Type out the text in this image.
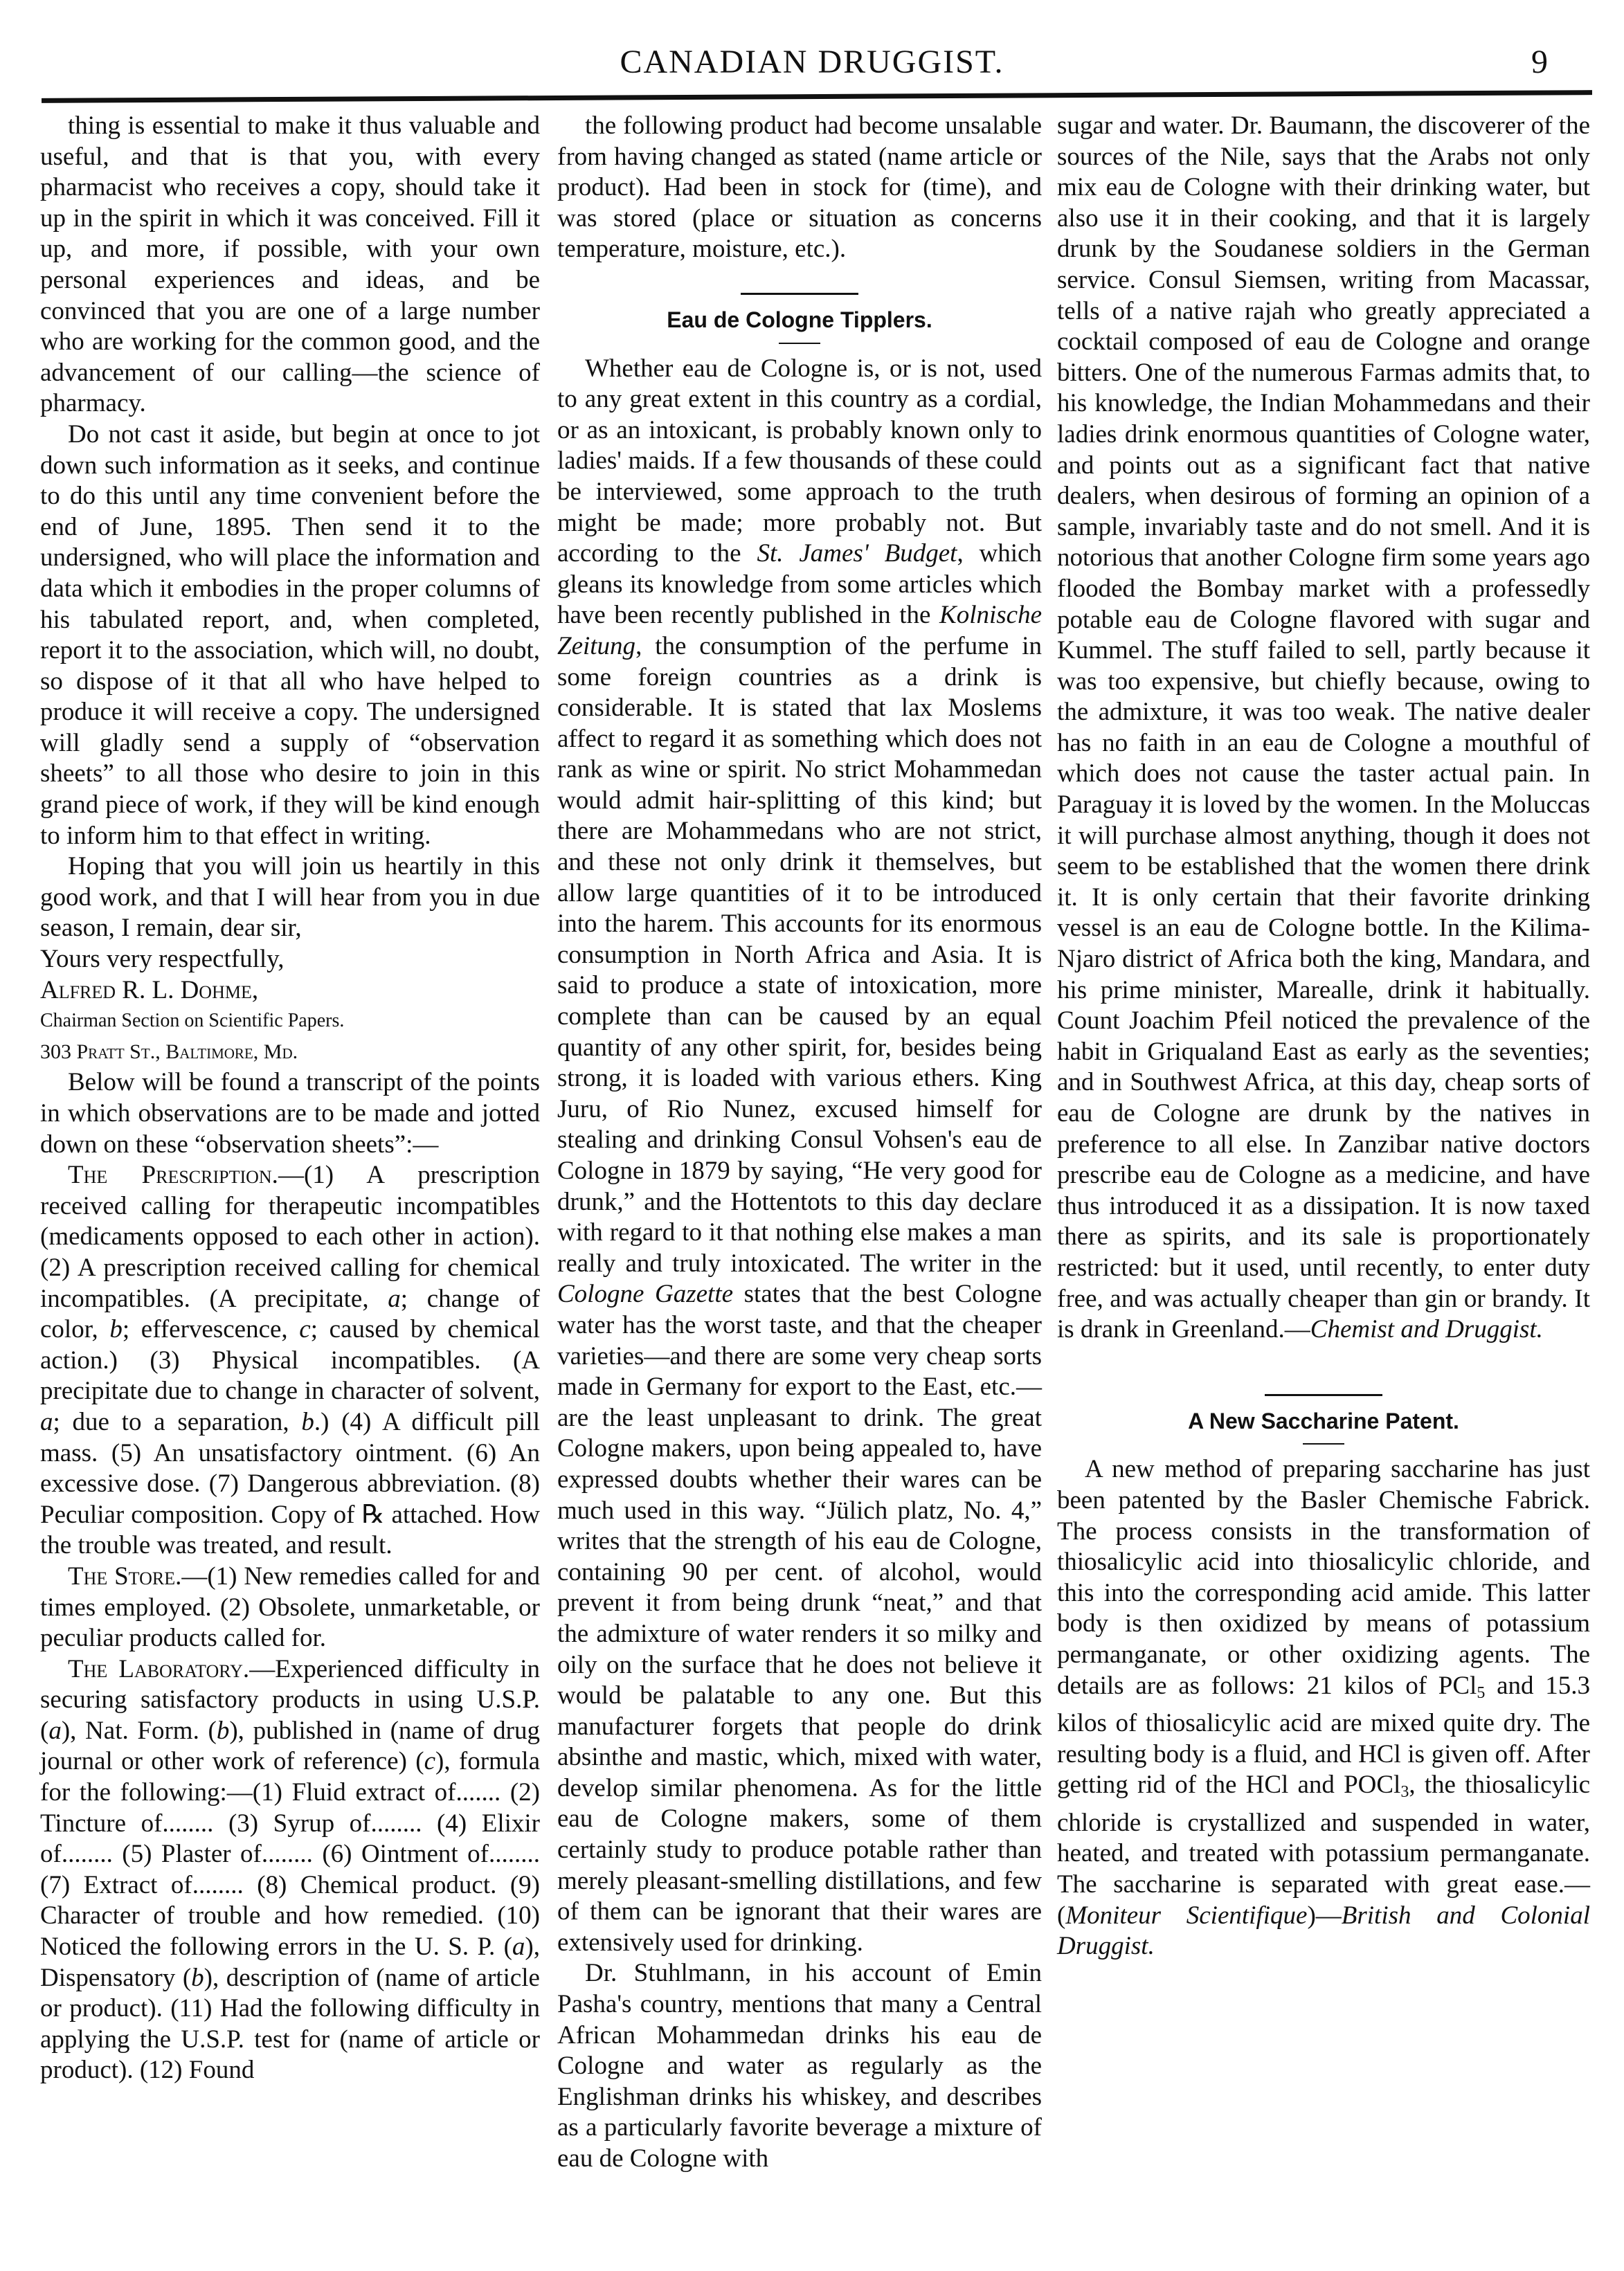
CANADIAN DRUGGIST.	9

thing is essential to make it thus valuable and useful, and that is that you, with every pharmacist who receives a copy, should take it up in the spirit in which it was conceived. Fill it up, and more, if possible, with your own personal experiences and ideas, and be convinced that you are one of a large number who are working for the common good, and the advancement of our calling—the science of pharmacy.

Do not cast it aside, but begin at once to jot down such information as it seeks, and continue to do this until any time convenient before the end of June, 1895. Then send it to the undersigned, who will place the information and data which it embodies in the proper columns of his tabulated report, and, when completed, report it to the association, which will, no doubt, so dispose of it that all who have helped to produce it will receive a copy. The undersigned will gladly send a supply of “observation sheets” to all those who desire to join in this grand piece of work, if they will be kind enough to inform him to that effect in writing.

Hoping that you will join us heartily in this good work, and that I will hear from you in due season, I remain, dear sir,

Yours very respectfully,

Alfred R. L. Dohme,

Chairman Section on Scientific Papers.

303 Pratt St., Baltimore, Md.

Below will be found a transcript of the points in which observations are to be made and jotted down on these “observation sheets”:—

The Prescription.—(1) A prescription received calling for therapeutic incompatibles (medicaments opposed to each other in action). (2) A prescription received calling for chemical incompatibles. (A precipitate, a; change of color, b; effervescence, c; caused by chemical action.) (3) Physical incompatibles. (A precipitate due to change in character of solvent, a; due to a separation, b.) (4) A difficult pill mass. (5) An unsatisfactory ointment. (6) An excessive dose. (7) Dangerous abbreviation. (8) Peculiar composition. Copy of ℞ attached. How the trouble was treated, and result.

The Store.—(1) New remedies called for and times employed. (2) Obsolete, unmarketable, or peculiar products called for.

The Laboratory.—Experienced difficulty in securing satisfactory products in using U.S.P. (a), Nat. Form. (b), published in (name of drug journal or other work of reference) (c), formula for the following:—(1) Fluid extract of....... (2) Tincture of........ (3) Syrup of........ (4) Elixir of........ (5) Plaster of........ (6) Ointment of........ (7) Extract of........ (8) Chemical product. (9) Character of trouble and how remedied. (10) Noticed the following errors in the U. S. P. (a), Dispensatory (b), description of (name of article or product). (11) Had the following difficulty in applying the U.S.P. test for (name of article or product). (12) Found

the following product had become unsalable from having changed as stated (name article or product). Had been in stock for (time), and was stored (place or situation as concerns temperature, moisture, etc.).

Eau de Cologne Tipplers.

Whether eau de Cologne is, or is not, used to any great extent in this country as a cordial, or as an intoxicant, is probably known only to ladies' maids. If a few thousands of these could be interviewed, some approach to the truth might be made; more probably not. But according to the St. James' Budget, which gleans its knowledge from some articles which have been recently published in the Kolnische Zeitung, the consumption of the perfume in some foreign countries as a drink is considerable. It is stated that lax Moslems affect to regard it as something which does not rank as wine or spirit. No strict Mohammedan would admit hair-splitting of this kind; but there are Mohammedans who are not strict, and these not only drink it themselves, but allow large quantities of it to be introduced into the harem. This accounts for its enormous consumption in North Africa and Asia. It is said to produce a state of intoxication, more complete than can be caused by an equal quantity of any other spirit, for, besides being strong, it is loaded with various ethers. King Juru, of Rio Nunez, excused himself for stealing and drinking Consul Vohsen's eau de Cologne in 1879 by saying, “He very good for drunk,” and the Hottentots to this day declare with regard to it that nothing else makes a man really and truly intoxicated. The writer in the Cologne Gazette states that the best Cologne water has the worst taste, and that the cheaper varieties—and there are some very cheap sorts made in Germany for export to the East, etc.—are the least unpleasant to drink. The great Cologne makers, upon being appealed to, have expressed doubts whether their wares can be much used in this way. “Jülich platz, No. 4,” writes that the strength of his eau de Cologne, containing 90 per cent. of alcohol, would prevent it from being drunk “neat,” and that the admixture of water renders it so milky and oily on the surface that he does not believe it would be palatable to any one. But this manufacturer forgets that people do drink absinthe and mastic, which, mixed with water, develop similar phenomena. As for the little eau de Cologne makers, some of them certainly study to produce potable rather than merely pleasant-smelling distillations, and few of them can be ignorant that their wares are extensively used for drinking.

Dr. Stuhlmann, in his account of Emin Pasha's country, mentions that many a Central African Mohammedan drinks his eau de Cologne and water as regularly as the Englishman drinks his whiskey, and describes as a particularly favorite beverage a mixture of eau de Cologne with

sugar and water. Dr. Baumann, the discoverer of the sources of the Nile, says that the Arabs not only mix eau de Cologne with their drinking water, but also use it in their cooking, and that it is largely drunk by the Soudanese soldiers in the German service. Consul Siemsen, writing from Macassar, tells of a native rajah who greatly appreciated a cocktail composed of eau de Cologne and orange bitters. One of the numerous Farmas admits that, to his knowledge, the Indian Mohammedans and their ladies drink enormous quantities of Cologne water, and points out as a significant fact that native dealers, when desirous of forming an opinion of a sample, invariably taste and do not smell. And it is notorious that another Cologne firm some years ago flooded the Bombay market with a professedly potable eau de Cologne flavored with sugar and Kummel. The stuff failed to sell, partly because it was too expensive, but chiefly because, owing to the admixture, it was too weak. The native dealer has no faith in an eau de Cologne a mouthful of which does not cause the taster actual pain. In Paraguay it is loved by the women. In the Moluccas it will purchase almost anything, though it does not seem to be established that the women there drink it. It is only certain that their favorite drinking vessel is an eau de Cologne bottle. In the Kilima-Njaro district of Africa both the king, Mandara, and his prime minister, Marealle, drink it habitually. Count Joachim Pfeil noticed the prevalence of the habit in Griqualand East as early as the seventies; and in Southwest Africa, at this day, cheap sorts of eau de Cologne are drunk by the natives in preference to all else. In Zanzibar native doctors prescribe eau de Cologne as a medicine, and have thus introduced it as a dissipation. It is now taxed there as spirits, and its sale is proportionately restricted: but it used, until recently, to enter duty free, and was actually cheaper than gin or brandy. It is drank in Greenland.—Chemist and Druggist.

A New Saccharine Patent.

A new method of preparing saccharine has just been patented by the Basler Chemische Fabrick. The process consists in the transformation of thiosalicylic acid into thiosalicylic chloride, and this into the corresponding acid amide. This latter body is then oxidized by means of potassium permanganate, or other oxidizing agents. The details are as follows: 21 kilos of PCl$_5$ and 15.3 kilos of thiosalicylic acid are mixed quite dry. The resulting body is a fluid, and HCl is given off. After getting rid of the HCl and POCl$_3$, the thiosalicylic chloride is crystallized and suspended in water, heated, and treated with potassium permanganate. The saccharine is separated with great ease.—(Moniteur Scientifique)—British and Colonial Druggist.
